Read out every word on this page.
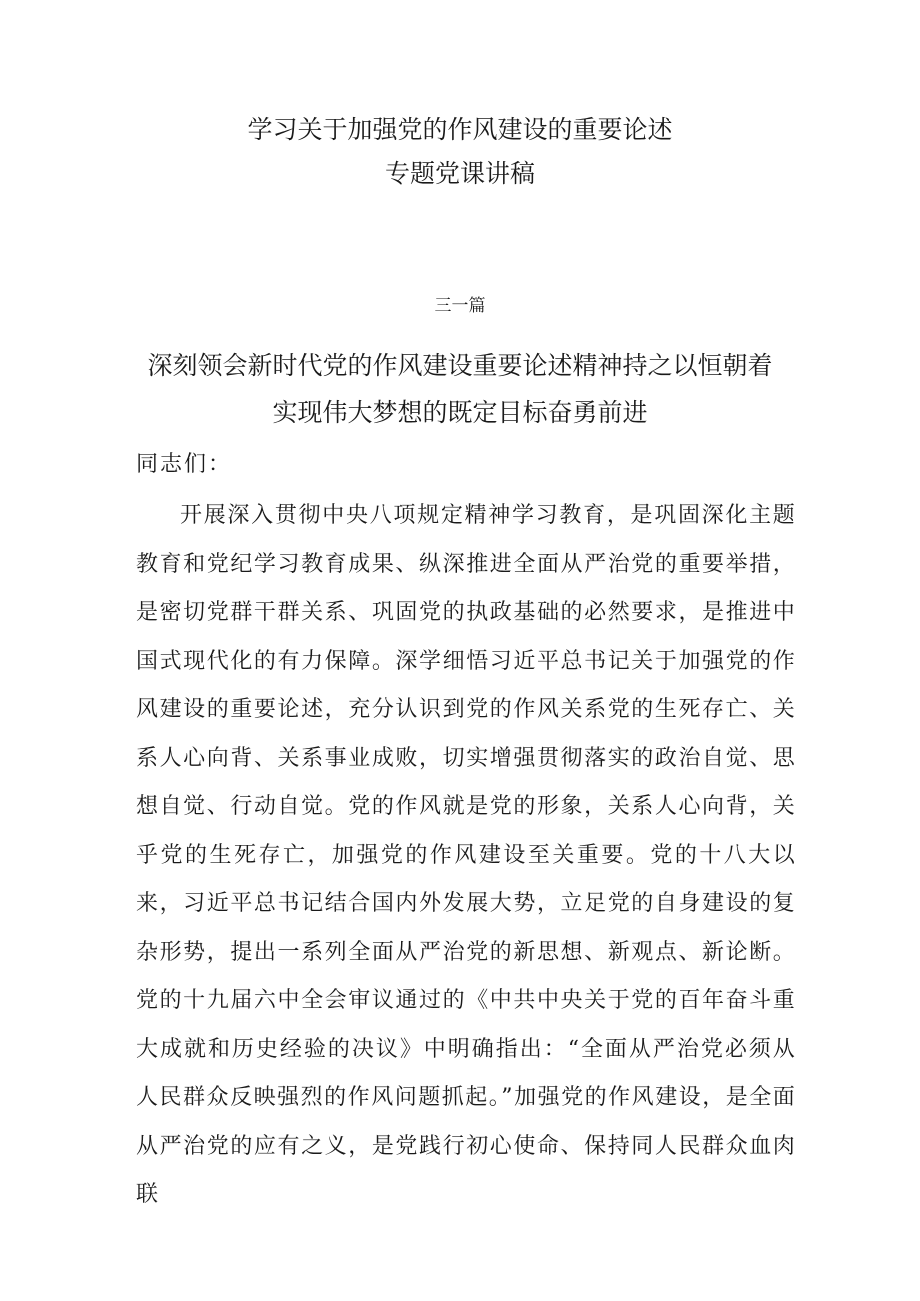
学习关于加强党的作风建设的重要论述
专题党课讲稿

三一篇

深刻领会新时代党的作风建设重要论述精神持之以恒朝着
实现伟大梦想的既定目标奋勇前进

同志们：

开展深入贯彻中央八项规定精神学习教育，是巩固深化主题教育和党纪学习教育成果、纵深推进全面从严治党的重要举措，是密切党群干群关系、巩固党的执政基础的必然要求，是推进中国式现代化的有力保障。深学细悟习近平总书记关于加强党的作风建设的重要论述，充分认识到党的作风关系党的生死存亡、关系人心向背、关系事业成败，切实增强贯彻落实的政治自觉、思想自觉、行动自觉。党的作风就是党的形象，关系人心向背，关乎党的生死存亡，加强党的作风建设至关重要。党的十八大以来，习近平总书记结合国内外发展大势，立足党的自身建设的复杂形势，提出一系列全面从严治党的新思想、新观点、新论断。党的十九届六中全会审议通过的《中共中央关于党的百年奋斗重大成就和历史经验的决议》中明确指出：“全面从严治党必须从人民群众反映强烈的作风问题抓起。”加强党的作风建设，是全面从严治党的应有之义，是党践行初心使命、保持同人民群众血肉联
